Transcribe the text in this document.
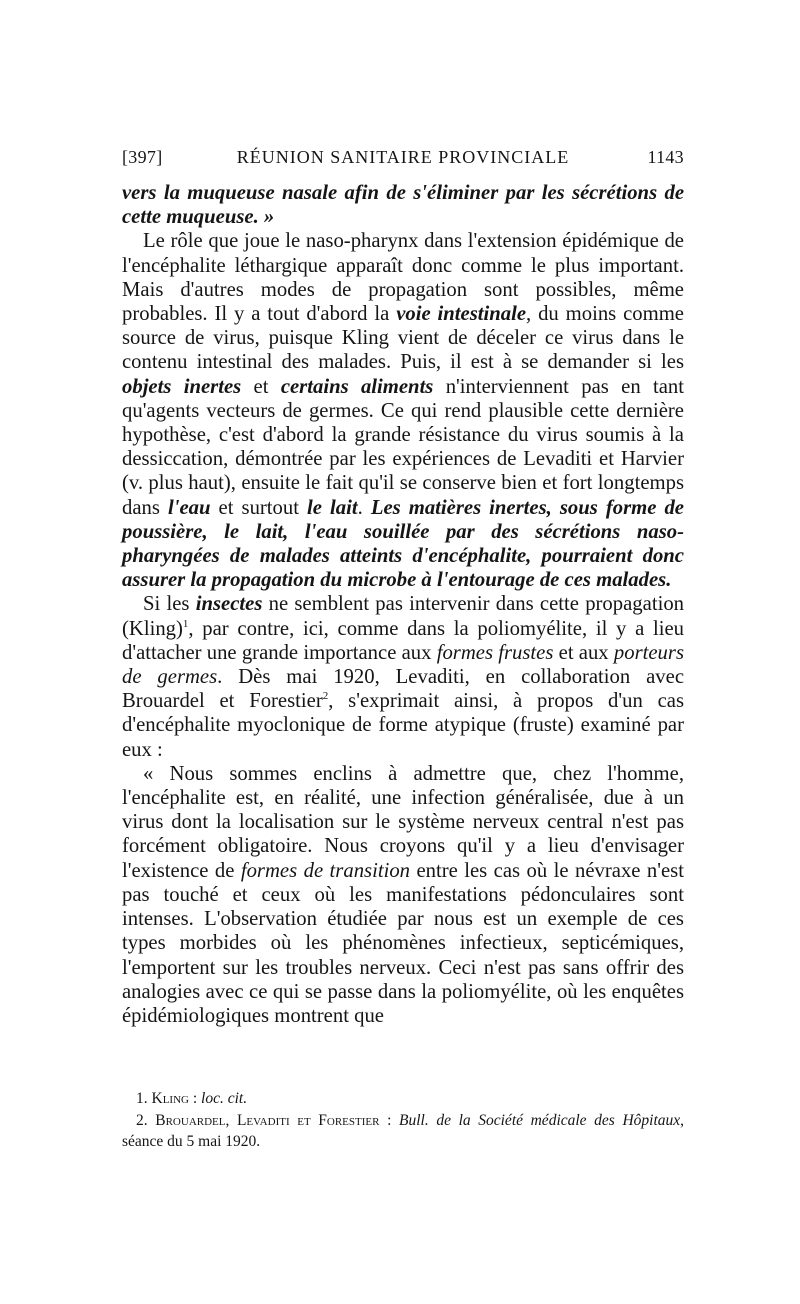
[397]	RÉUNION SANITAIRE PROVINCIALE	1143

vers la muqueuse nasale afin de s'éliminer par les sécrétions de cette muqueuse. »

Le rôle que joue le naso-pharynx dans l'extension épidémique de l'encéphalite léthargique apparaît donc comme le plus important. Mais d'autres modes de propagation sont possibles, même probables. Il y a tout d'abord la voie intestinale, du moins comme source de virus, puisque Kling vient de déceler ce virus dans le contenu intestinal des malades. Puis, il est à se demander si les objets inertes et certains aliments n'interviennent pas en tant qu'agents vecteurs de germes. Ce qui rend plausible cette dernière hypothèse, c'est d'abord la grande résistance du virus soumis à la dessiccation, démontrée par les expériences de Levaditi et Harvier (v. plus haut), ensuite le fait qu'il se conserve bien et fort longtemps dans l'eau et surtout le lait. Les matières inertes, sous forme de poussière, le lait, l'eau souillée par des sécrétions naso-pharyngées de malades atteints d'encéphalite, pourraient donc assurer la propagation du microbe à l'entourage de ces malades.

Si les insectes ne semblent pas intervenir dans cette propagation (Kling)$^1$, par contre, ici, comme dans la poliomyélite, il y a lieu d'attacher une grande importance aux formes frustes et aux porteurs de germes. Dès mai 1920, Levaditi, en collaboration avec Brouardel et Forestier$^2$, s'exprimait ainsi, à propos d'un cas d'encéphalite myoclonique de forme atypique (fruste) examiné par eux :

« Nous sommes enclins à admettre que, chez l'homme, l'encéphalite est, en réalité, une infection généralisée, due à un virus dont la localisation sur le système nerveux central n'est pas forcément obligatoire. Nous croyons qu'il y a lieu d'envisager l'existence de formes de transition entre les cas où le névraxe n'est pas touché et ceux où les manifestations pédonculaires sont intenses. L'observation étudiée par nous est un exemple de ces types morbides où les phénomènes infectieux, septicémiques, l'emportent sur les troubles nerveux. Ceci n'est pas sans offrir des analogies avec ce qui se passe dans la poliomyélite, où les enquêtes épidémiologiques montrent que

1. Kling : loc. cit.

2. Brouardel, Levaditi et Forestier : Bull. de la Société médicale des Hôpitaux, séance du 5 mai 1920.
